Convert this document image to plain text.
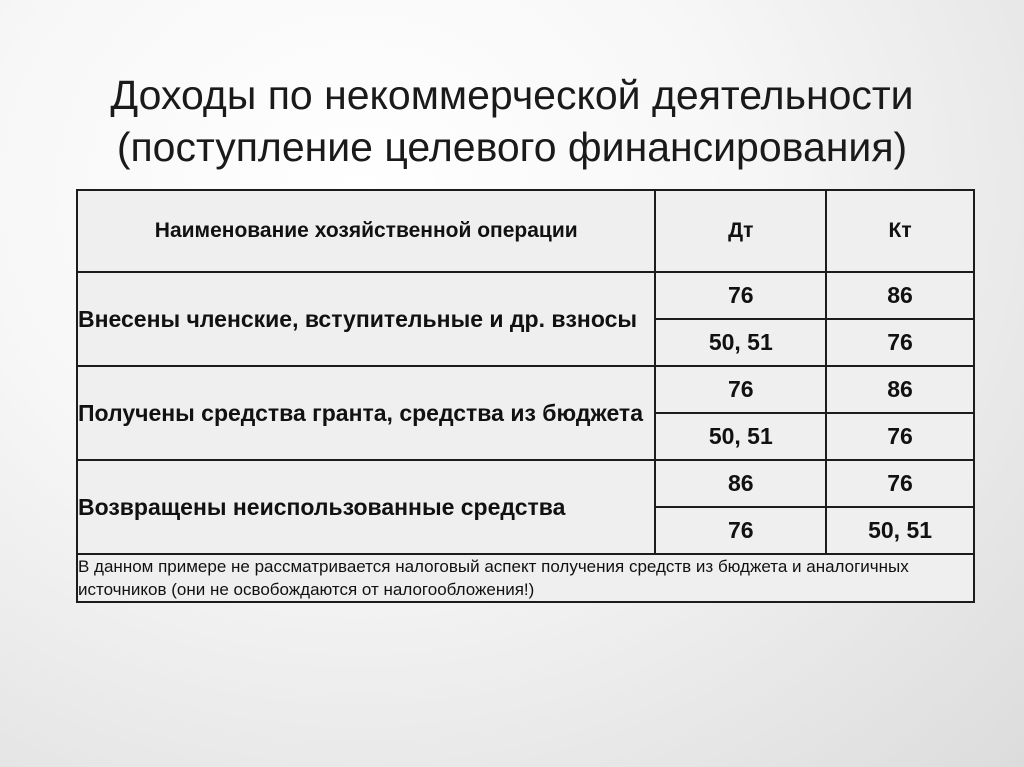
Доходы по некоммерческой деятельности
(поступление целевого финансирования)
Наименование хозяйственной операции	Дт	Кт
Внесены членские, вступительные и др. взносы	76	86
	50, 51	76
Получены средства гранта, средства из бюджета	76	86
	50, 51	76
Возвращены неиспользованные средства	86	76
	76	50, 51
В данном примере не рассматривается налоговый аспект получения средств из бюджета и аналогичных источников (они не освобождаются от налогообложения!)		
